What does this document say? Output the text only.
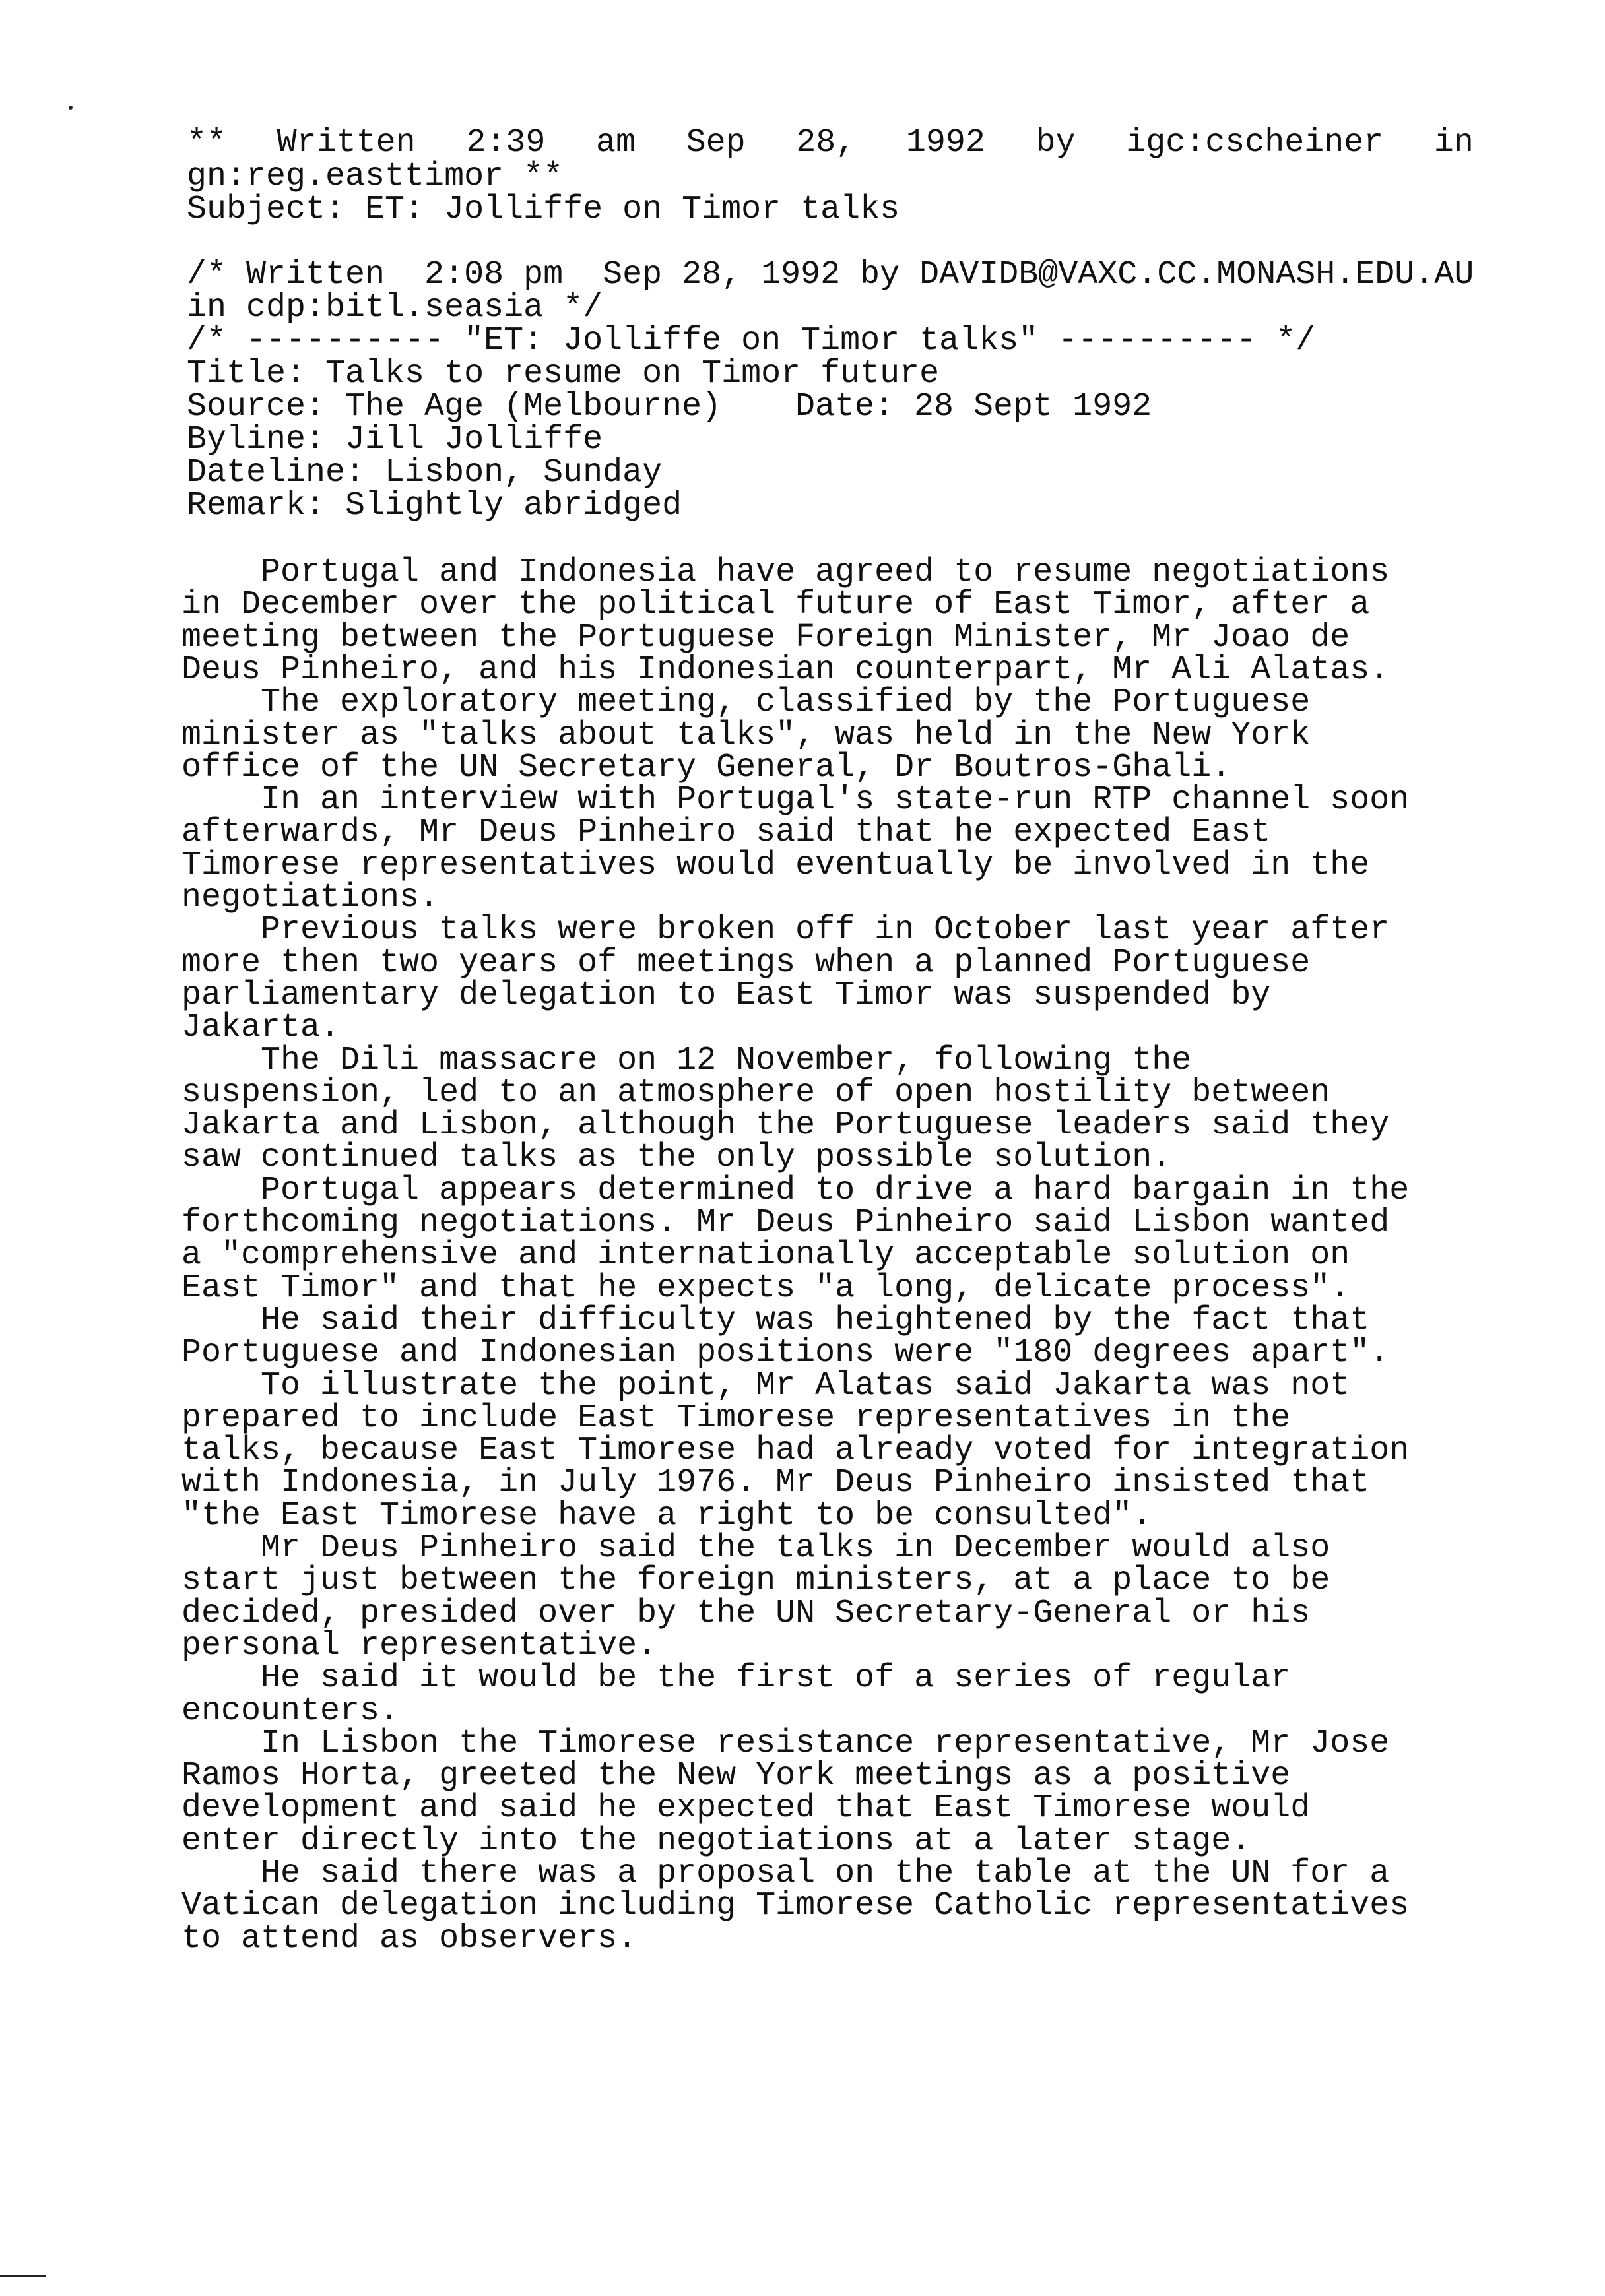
** Written 2:39 am Sep 28, 1992 by igc:cscheiner in
gn:reg.easttimor **
Subject: ET: Jolliffe on Timor talks
/* Written  2:08 pm  Sep 28, 1992 by DAVIDB@VAXC.CC.MONASH.EDU.AU
in cdp:bitl.seasia */
/* ---------- "ET: Jolliffe on Timor talks" ---------- */
Title: Talks to resume on Timor future
Source: The Age (Melbourne) Date: 28 Sept 1992
Byline: Jill Jolliffe
Dateline: Lisbon, Sunday
Remark: Slightly abridged
Portugal and Indonesia have agreed to resume negotiations
in December over the political future of East Timor, after a
meeting between the Portuguese Foreign Minister, Mr Joao de
Deus Pinheiro, and his Indonesian counterpart, Mr Ali Alatas.
The exploratory meeting, classified by the Portuguese
minister as "talks about talks", was held in the New York
office of the UN Secretary General, Dr Boutros-Ghali.
In an interview with Portugal's state-run RTP channel soon
afterwards, Mr Deus Pinheiro said that he expected East
Timorese representatives would eventually be involved in the
negotiations.
Previous talks were broken off in October last year after
more then two years of meetings when a planned Portuguese
parliamentary delegation to East Timor was suspended by
Jakarta.
The Dili massacre on 12 November, following the
suspension, led to an atmosphere of open hostility between
Jakarta and Lisbon, although the Portuguese leaders said they
saw continued talks as the only possible solution.
Portugal appears determined to drive a hard bargain in the
forthcoming negotiations. Mr Deus Pinheiro said Lisbon wanted
a "comprehensive and internationally acceptable solution on
East Timor" and that he expects "a long, delicate process".
He said their difficulty was heightened by the fact that
Portuguese and Indonesian positions were "180 degrees apart".
To illustrate the point, Mr Alatas said Jakarta was not
prepared to include East Timorese representatives in the
talks, because East Timorese had already voted for integration
with Indonesia, in July 1976. Mr Deus Pinheiro insisted that
"the East Timorese have a right to be consulted".
Mr Deus Pinheiro said the talks in December would also
start just between the foreign ministers, at a place to be
decided, presided over by the UN Secretary-General or his
personal representative.
He said it would be the first of a series of regular
encounters.
In Lisbon the Timorese resistance representative, Mr Jose
Ramos Horta, greeted the New York meetings as a positive
development and said he expected that East Timorese would
enter directly into the negotiations at a later stage.
He said there was a proposal on the table at the UN for a
Vatican delegation including Timorese Catholic representatives
to attend as observers.
